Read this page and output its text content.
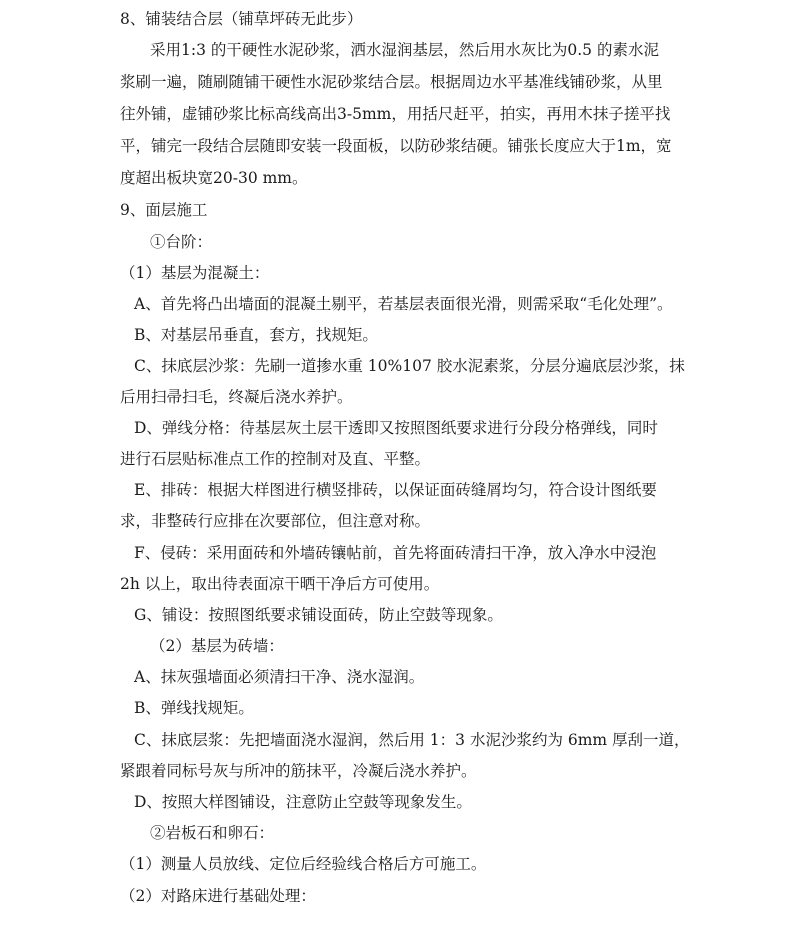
8、铺装结合层（铺草坪砖无此步）
采用1:3 的干硬性水泥砂浆，洒水湿润基层，然后用水灰比为0.5 的素水泥
浆刷一遍，随刷随铺干硬性水泥砂浆结合层。根据周边水平基准线铺砂浆，从里
往外铺，虚铺砂浆比标高线高出3-5mm，用括尺赶平，拍实，再用木抹子搓平找
平，铺完一段结合层随即安装一段面板，以防砂浆结硬。铺张长度应大于1m，宽
度超出板块宽20-30 mm。
9、面层施工
①台阶：
（1）基层为混凝土：
A、首先将凸出墙面的混凝土剔平，若基层表面很光滑，则需采取“毛化处理”。
B、对基层吊垂直，套方，找规矩。
C、抹底层沙浆：先刷一道掺水重 10%107 胶水泥素浆，分层分遍底层沙浆，抹
后用扫帚扫毛，终凝后浇水养护。
D、弹线分格：待基层灰土层干透即又按照图纸要求进行分段分格弹线，同时
进行石层贴标准点工作的控制对及直、平整。
E、排砖：根据大样图进行横竖排砖，以保证面砖缝屑均匀，符合设计图纸要
求，非整砖行应排在次要部位，但注意对称。
F、侵砖：采用面砖和外墙砖镶帖前，首先将面砖清扫干净，放入净水中浸泡
2h 以上，取出待表面凉干晒干净后方可使用。
G、铺设：按照图纸要求铺设面砖，防止空鼓等现象。
（2）基层为砖墙：
A、抹灰强墙面必须清扫干净、浇水湿润。
B、弹线找规矩。
C、抹底层浆：先把墙面浇水湿润，然后用 1：3 水泥沙浆约为 6mm 厚刮一道，
紧跟着同标号灰与所冲的筋抹平，冷凝后浇水养护。
D、按照大样图铺设，注意防止空鼓等现象发生。
②岩板石和卵石：
（1）测量人员放线、定位后经验线合格后方可施工。
（2）对路床进行基础处理：
